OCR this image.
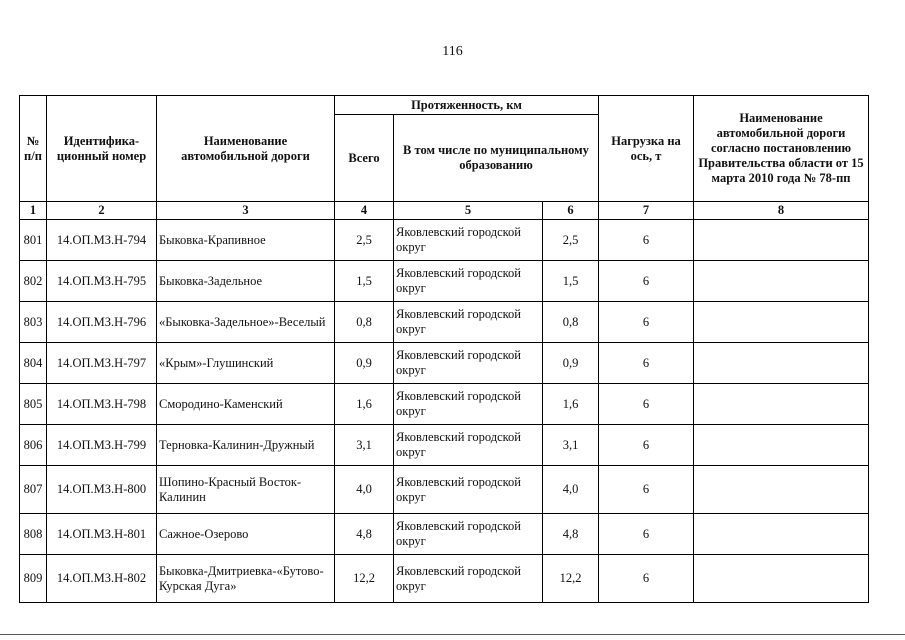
116
№ п/п	Идентифика- ционный номер	Наименование автомобильной дороги	Протяженность, км			Нагрузка на ось, т	Наименование автомобильной дороги согласно постановлению Правительства области от 15 марта 2010 года № 78-пп
			Всего	В том числе по муниципальному образованию			
1	2	3	4	5	6	7	8
801	14.ОП.МЗ.Н-794	Быковка-Крапивное	2,5	Яковлевский городской округ	2,5	6	
802	14.ОП.МЗ.Н-795	Быковка-Задельное	1,5	Яковлевский городской округ	1,5	6	
803	14.ОП.МЗ.Н-796	«Быковка-Задельное»-Веселый	0,8	Яковлевский городской округ	0,8	6	
804	14.ОП.МЗ.Н-797	«Крым»-Глушинский	0,9	Яковлевский городской округ	0,9	6	
805	14.ОП.МЗ.Н-798	Смородино-Каменский	1,6	Яковлевский городской округ	1,6	6	
806	14.ОП.МЗ.Н-799	Терновка-Калинин-Дружный	3,1	Яковлевский городской округ	3,1	6	
807	14.ОП.МЗ.Н-800	Шопино-Красный Восток-Калинин	4,0	Яковлевский городской округ	4,0	6	
808	14.ОП.МЗ.Н-801	Сажное-Озерово	4,8	Яковлевский городской округ	4,8	6	
809	14.ОП.МЗ.Н-802	Быковка-Дмитриевка-«Бутово-Курская Дуга»	12,2	Яковлевский городской округ	12,2	6	
